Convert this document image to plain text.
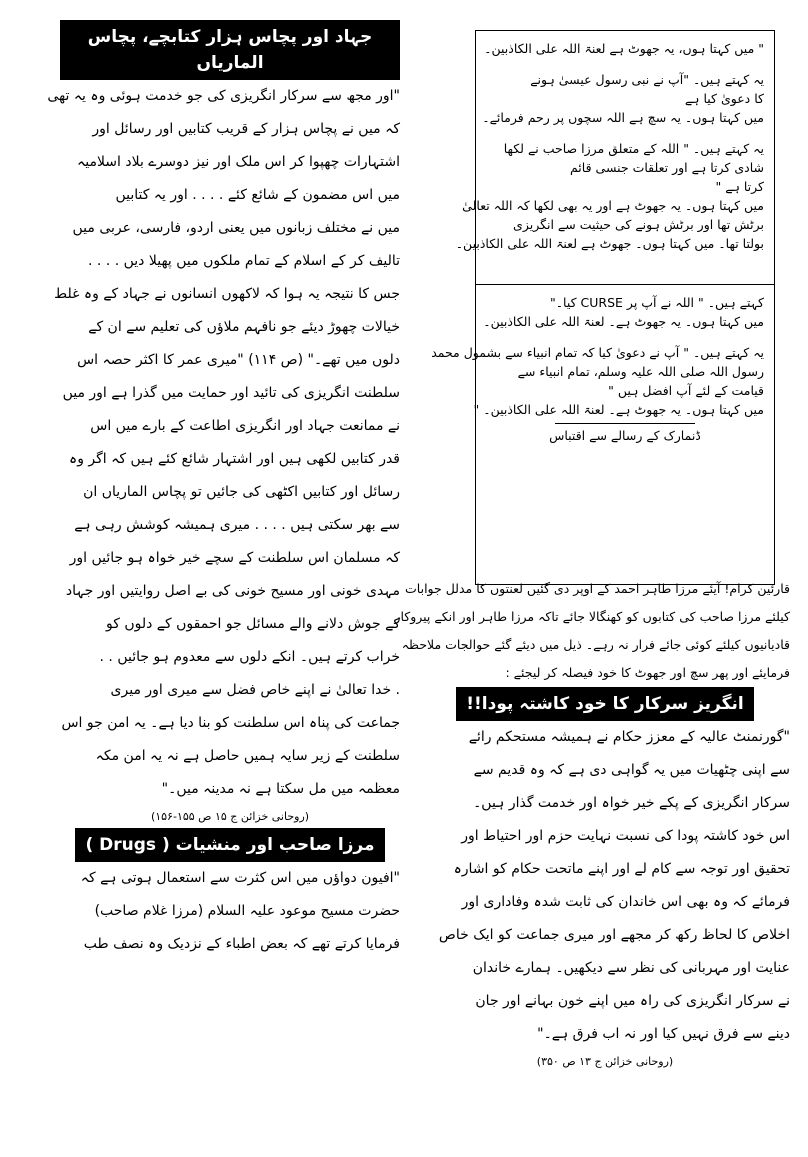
جہاد اور پچاس ہزار کتابچے، پچاس الماریاں
"اور مجھ سے سرکار انگریزی کی جو خدمت ہوئی وہ یہ تھی
کہ میں نے پچاس ہزار کے قریب کتابیں اور رسائل اور
اشتہارات چھپوا کر اس ملک اور نیز دوسرے بلاد اسلامیہ
میں اس مضمون کے شائع کئے . . . . اور یہ کتابیں
میں نے مختلف زبانوں میں یعنی اردو، فارسی، عربی میں
تالیف کر کے اسلام کے تمام ملکوں میں پھیلا دیں . . . .
جس کا نتیجہ یہ ہوا کہ لاکھوں انسانوں نے جہاد کے وہ غلط
خیالات چھوڑ دیئے جو نافہم ملاؤں کی تعلیم سے ان کے
دلوں میں تھے۔" (ص ۱۱۴) "میری عمر کا اکثر حصہ اس
سلطنت انگریزی کی تائید اور حمایت میں گذرا ہے اور میں
نے ممانعت جہاد اور انگریزی اطاعت کے بارے میں اس
قدر کتابیں لکھی ہیں اور اشتہار شائع کئے ہیں کہ اگر وہ
رسائل اور کتابیں اکٹھی کی جائیں تو پچاس الماریاں ان
سے بھر سکتی ہیں . . . . میری ہمیشہ کوشش رہی ہے
کہ مسلمان اس سلطنت کے سچے خیر خواہ ہو جائیں اور
مہدی خونی اور مسیح خونی کی بے اصل روایتیں اور جہاد
کے جوش دلانے والے مسائل جو احمقوں کے دلوں کو
خراب کرتے ہیں۔ انکے دلوں سے معدوم ہو جائیں . .
. خدا تعالیٰ نے اپنے خاص فضل سے میری اور میری
جماعت کی پناہ اس سلطنت کو بنا دیا ہے۔ یہ امن جو اس
سلطنت کے زیر سایہ ہمیں حاصل ہے نہ یہ امن مکہ
معظمہ میں مل سکتا ہے نہ مدینہ میں۔"
(روحانی خزائن ج ۱۵ ص ۱۵۵-۱۵۶)
مرزا صاحب اور منشیات ( Drugs )
"افیون دواؤں میں اس کثرت سے استعمال ہوتی ہے کہ
حضرت مسیح موعود علیہ السلام (مرزا غلام صاحب)
فرمایا کرتے تھے کہ بعض اطباء کے نزدیک وہ نصف طب
" میں کہتا ہوں، یہ جھوٹ ہے لعنۃ اللہ علی الکاذبین۔
یہ کہتے ہیں۔ "آپ نے نبی رسول عیسیٰ ہونے
کا دعویٰ کیا ہے
میں کہتا ہوں۔ یہ سچ ہے اللہ سچوں پر رحم فرمائے۔
یہ کہتے ہیں۔ " اللہ کے متعلق مرزا صاحب نے لکھا
شادی کرتا ہے اور تعلقات جنسی قائم
کرتا ہے "
میں کہتا ہوں۔ یہ جھوٹ ہے اور یہ بھی لکھا کہ اللہ تعالیٰ
برٹش تھا اور برٹش ہونے کی حیثیت سے انگریزی
بولتا تھا۔ میں کہتا ہوں۔ جھوٹ ہے لعنۃ اللہ علی الکاذبین۔
کہتے ہیں۔ " اللہ نے آپ پر CURSE کیا۔"
میں کہتا ہوں۔ یہ جھوٹ ہے۔ لعنۃ اللہ علی الکاذبین۔
یہ کہتے ہیں۔ " آپ نے دعویٰ کیا کہ تمام انبیاء سے بشمول محمد
رسول اللہ صلی اللہ علیہ وسلم، تمام انبیاء سے
قیامت کے لئے آپ افضل ہیں "
میں کہتا ہوں۔ یہ جھوٹ ہے۔ لعنۃ اللہ علی الکاذبین۔ "
ڈنمارک کے رسالے سے اقتباس
قارئین کرام! آیئے مرزا طاہر احمد کے اوپر دی گئیں لعنتوں کا مدلل جوابات
کیلئے مرزا صاحب کی کتابوں کو کھنگالا جائے تاکہ مرزا طاہر اور انکے پیروکار
قادیانیوں کیلئے کوئی جائے فرار نہ رہے۔ ذیل میں دیئے گئے حوالجات ملاحظہ
فرمایئے اور پھر سچ اور جھوٹ کا خود فیصلہ کر لیجئے :
انگریز سرکار کا خود کاشتہ پودا!!
"گورنمنٹ عالیہ کے معزز حکام نے ہمیشہ مستحکم رائے
سے اپنی چٹھیات میں یہ گواہی دی ہے کہ وہ قدیم سے
سرکار انگریزی کے پکے خیر خواہ اور خدمت گذار ہیں۔
اس خود کاشتہ پودا کی نسبت نہایت حزم اور احتیاط اور
تحقیق اور توجہ سے کام لے اور اپنے ماتحت حکام کو اشارہ
فرمائے کہ وہ بھی اس خاندان کی ثابت شدہ وفاداری اور
اخلاص کا لحاظ رکھ کر مجھے اور میری جماعت کو ایک خاص
عنایت اور مہربانی کی نظر سے دیکھیں۔ ہمارے خاندان
نے سرکار انگریزی کی راہ میں اپنے خون بہانے اور جان
دینے سے فرق نہیں کیا اور نہ اب فرق ہے۔"
(روحانی خزائن ج ۱۳ ص ۳۵۰)
